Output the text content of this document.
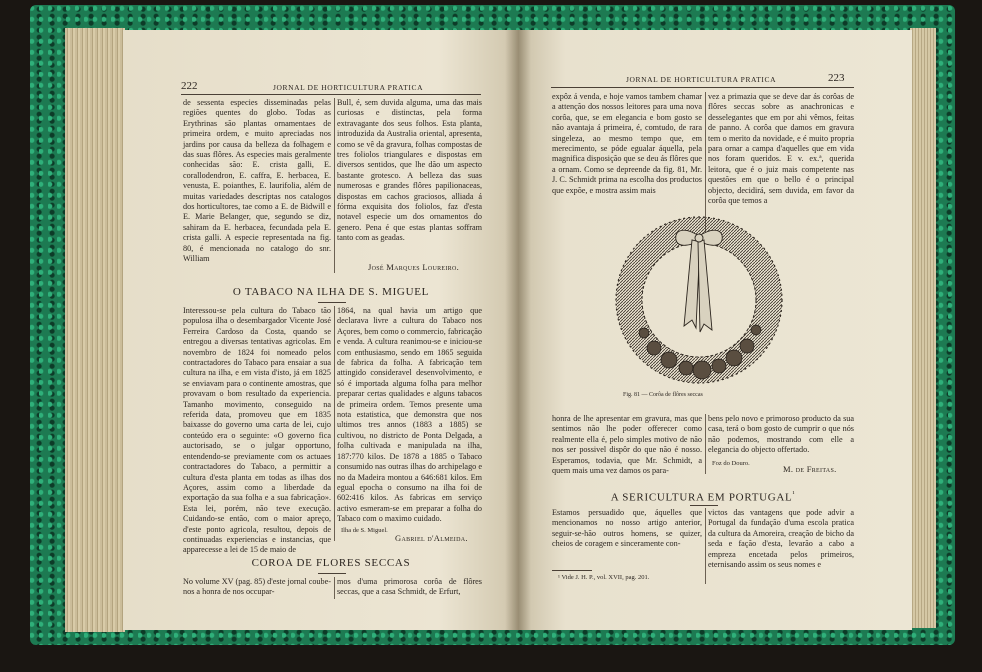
222	JORNAL DE HORTICULTURA PRATICA
de sessenta especies disseminadas pelas regiões quentes do globo. Todas as Erythrinas são plantas ornamentaes de primeira ordem, e muito apreciadas nos jardins por causa da belleza da folhagem e das suas flôres. As especies mais geralmente conhecidas são: E. crista galli, E. corallodendron, E. caffra, E. herbacea, E. venusta, E. poianthes, E. laurifolia, além de muitas variedades descriptas nos catalogos dos horticultores, tae como a E. de Bidwill e E. Marie Belanger, que, segundo se diz, sahiram da E. herbacea, fecundada pela E. crista galli. A especie representada na fig. 80, é mencionada no catalogo do snr. William
Bull, é, sem duvida alguma, uma das mais curiosas e distinctas, pela forma extravagante dos seus folhos. Esta planta, introduzida da Australia oriental, apresenta, como se vê da gravura, folhas compostas de tres foliolos triangulares e dispostas em diversos sentidos, que lhe dão um aspecto bastante grotesco. A belleza das suas numerosas e grandes flôres papilionaceas, dispostas em cachos graciosos, alliada á fórma exquisita dos foliolos, faz d'esta notavel especie um dos ornamentos do genero. Pena é que estas plantas soffram tanto com as geadas.
José Marques Loureiro.
O TABACO NA ILHA DE S. MIGUEL
Interessou-se pela cultura do Tabaco tão populosa ilha o desembargador Vicente José Ferreira Cardoso da Costa, quando se entregou a diversas tentativas agricolas. Em novembro de 1824 foi nomeado pelos contractadores do Tabaco para ensaiar a sua cultura na ilha, e em vista d'isto, já em 1825 se enviavam para o continente amostras, que provavam o bom resultado da experiencia. Tamanho movimento, conseguido na referida data, promoveu que em 1835 baixasse do governo uma carta de lei, cujo conteúdo era o seguinte: «O governo fica auctorisado, se o julgar opportuno, entendendo-se previamente com os actuaes contractadores do Tabaco, a permittir a cultura d'esta planta em todas as ilhas dos Açores, assim como a liberdade da exportação da sua folha e a sua fabricação». Esta lei, porém, não teve execução. Cuidando-se então, com o maior apreço, d'este ponto agricola, resultou, depois de continuadas experiencias e instancias, que apparecesse a lei de 15 de maio de
1864, na qual havia um artigo que declarava livre a cultura do Tabaco nos Açores, bem como o commercio, fabricação e venda. A cultura reanimou-se e iniciou-se com enthusiasmo, sendo em 1865 seguida de fabrica da folha. A fabricação tem attingido consideravel desenvolvimento, e só é importada alguma folha para melhor preparar certas qualidades e alguns tabacos de primeira ordem. Temos presente uma nota estatistica, que demonstra que nos ultimos tres annos (1883 a 1885) se cultivou, no districto de Ponta Delgada, a folha cultivada e manipulada na ilha, 187:770 kilos. De 1878 a 1885 o Tabaco consumido nas outras ilhas do archipelago e no da Madeira montou a 646:681 kilos. Em egual epocha o consumo na ilha foi de 602:416 kilos. As fabricas em serviço activo esmeram-se em preparar a folha do Tabaco com o maximo cuidado.
Ilha de S. Miguel.
Gabriel d'Almeida.
COROA DE FLORES SECCAS
No volume XV (pag. 85) d'este jornal coube-nos a honra de nos occupar-
mos d'uma primorosa corôa de flôres seccas, que a casa Schmidt, de Erfurt,
JORNAL DE HORTICULTURA PRATICA	223
expôz á venda, e hoje vamos tambem chamar a attenção dos nossos leitores para uma nova corôa, que, se em elegancia e bom gosto se não avantaja á primeira, é, comtudo, de rara singeleza, ao mesmo tempo que, em merecimento, se póde egualar áquella, pela magnifica disposição que se deu ás flôres que a ornam. Como se depreende da fig. 81, Mr. J. C. Schmidt prima na escolha dos productos que expõe, e mostra assim mais
vez a primazia que se deve dar ás corôas de flôres seccas sobre as anachronicas e desselegantes que em por ahi vêmos, feitas de panno. A corôa que damos em gravura tem o merito da novidade, e é muito propria para ornar a campa d'aquelles que em vida nos foram queridos. E v. ex.ª, querida leitora, que é o juiz mais competente nas questões em que o bello é o principal objecto, decidirá, sem duvida, em favor da corôa que temos a
Fig. 81 — Corôa de flôres seccas
honra de lhe apresentar em gravura, mas que sentimos não lhe poder offerecer como realmente ella é, pelo simples motivo de não nos ser possivel dispôr do que não é nosso. Esperamos, todavia, que Mr. Schmidt, a quem mais uma vez damos os para-
bens pelo novo e primoroso producto da sua casa, terá o bom gosto de cumprir o que nós não podemos, mostrando com elle a elegancia do objecto offertado.
Foz do Douro.
M. de Freitas.
A SERICULTURA EM $PORTUGAL^{^1}$
Estamos persuadido que, áquelles que mencionamos no nosso artigo anterior, seguir-se-hão outros homens, se quizer, cheios de coragem e sinceramente con-
victos das vantagens que pode advir a Portugal da fundação d'uma escola pratica da cultura da Amoreira, creação de bicho da seda e fação d'esta, levarão a cabo a empreza encetada pelos primeiros, eternisando assim os seus nomes e
¹ Vide J. H. P., vol. XVII, pag. 201.
